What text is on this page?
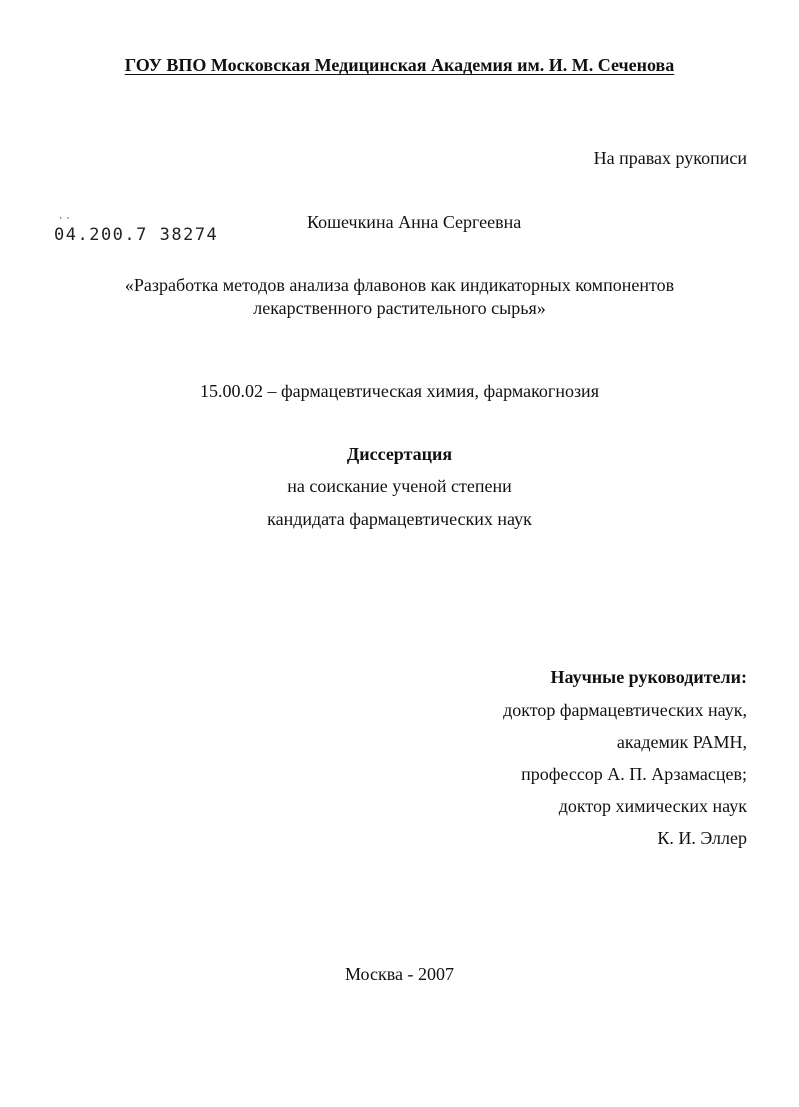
ГОУ ВПО Московская Медицинская Академия им. И. М. Сеченова
На правах рукописи
··
04.200.7 38274
Кошечкина Анна Сергеевна
«Разработка методов анализа флавонов как индикаторных компонентов
лекарственного растительного сырья»
15.00.02 – фармацевтическая химия, фармакогнозия
Диссертация
на соискание ученой степени
кандидата фармацевтических наук
Научные руководители:
доктор фармацевтических наук,
академик РАМН,
профессор А. П. Арзамасцев;
доктор химических наук
К. И. Эллер
Москва - 2007
